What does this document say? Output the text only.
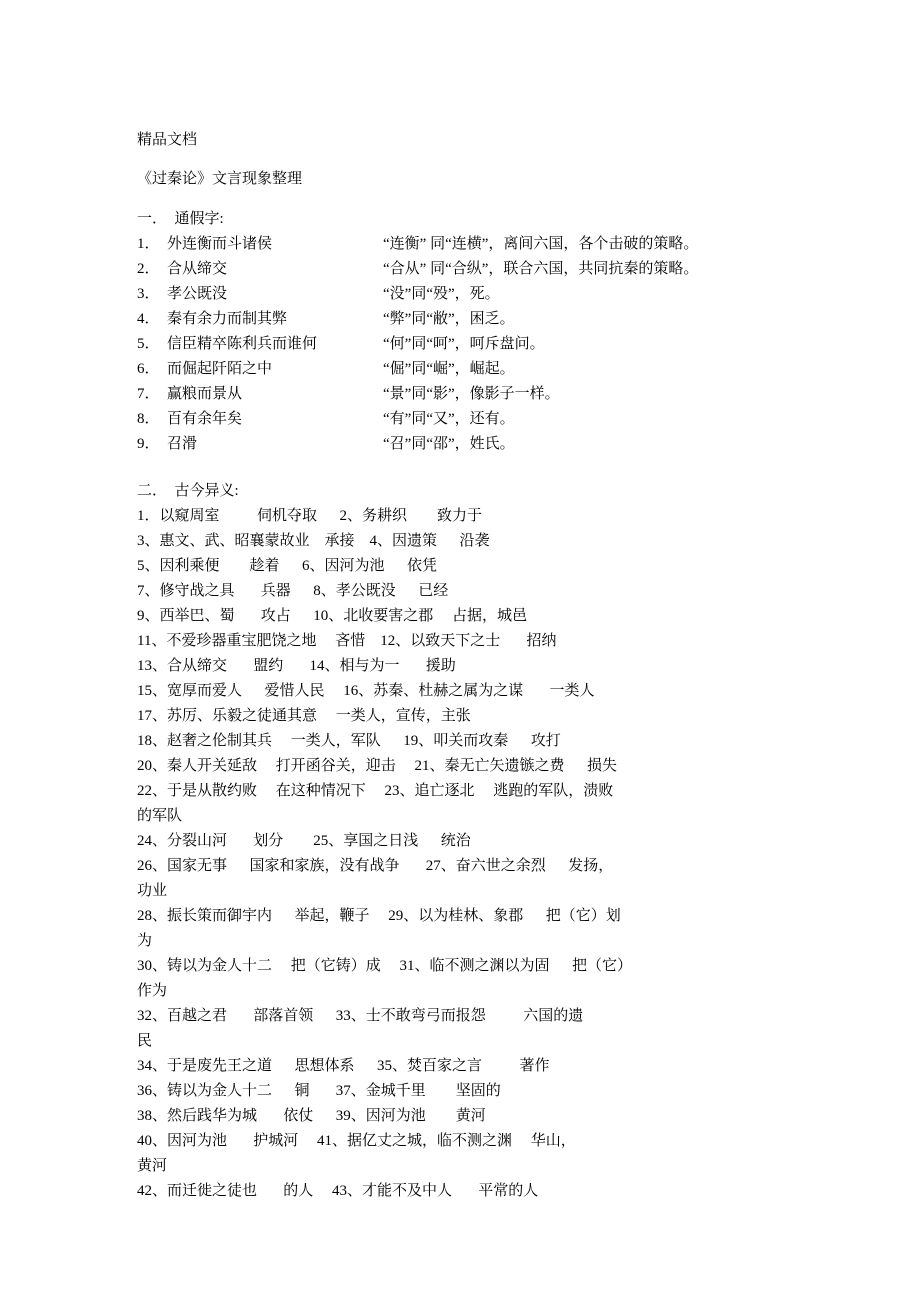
精品文档
《过秦论》文言现象整理
一．  通假字:
1． 外连衡而斗诸侯	“连衡” 同“连横”，离间六国，各个击破的策略。
2． 合从缔交	“合从” 同“合纵”，联合六国，共同抗秦的策略。
3． 孝公既没	“没”同“殁”，死。
4． 秦有余力而制其弊	“弊”同“敝”，困乏。
5． 信臣精卒陈利兵而谁何	“何”同“呵”，呵斥盘问。
6． 而倔起阡陌之中	“倔”同“崛”，崛起。
7． 赢粮而景从	“景”同“影”，像影子一样。
8． 百有余年矣	“有”同“又”，还有。
9． 召滑	“召”同“邵”，姓氏。
二．  古今异义:
1．以窥周室          伺机夺取      2、务耕织        致力于
3、惠文、武、昭襄蒙故业    承接    4、因遗策      沿袭
5、因利乘便        趁着      6、因河为池      依凭
7、修守战之具       兵器      8、孝公既没      已经
9、西举巴、蜀       攻占      10、北收要害之郡     占据，城邑
11、不爱珍器重宝肥饶之地     吝惜    12、以致天下之士       招纳
13、合从缔交       盟约       14、相与为一       援助
15、宽厚而爱人      爱惜人民     16、苏秦、杜赫之属为之谋       一类人
17、苏厉、乐毅之徒通其意     一类人，宣传，主张
18、赵奢之伦制其兵     一类人，军队      19、叩关而攻秦      攻打
20、秦人开关延敌     打开函谷关，迎击     21、秦无亡矢遗镞之费      损失
22、于是从散约败     在这种情况下     23、追亡逐北     逃跑的军队，溃败
的军队
24、分裂山河       划分        25、享国之日浅      统治
26、国家无事      国家和家族，没有战争       27、奋六世之余烈      发扬，
功业
28、振长策而御宇内      举起，鞭子     29、以为桂林、象郡      把（它）划
为
30、铸以为金人十二     把（它铸）成     31、临不测之渊以为固      把（它）
作为
32、百越之君       部落首领      33、士不敢弯弓而报怨          六国的遗
民
34、于是废先王之道      思想体系      35、焚百家之言          著作
36、铸以为金人十二      铜       37、金城千里        坚固的
38、然后践华为城       依仗      39、因河为池        黄河
40、因河为池       护城河     41、据亿丈之城，临不测之渊     华山，
黄河
42、而迁徙之徒也       的人     43、才能不及中人       平常的人
